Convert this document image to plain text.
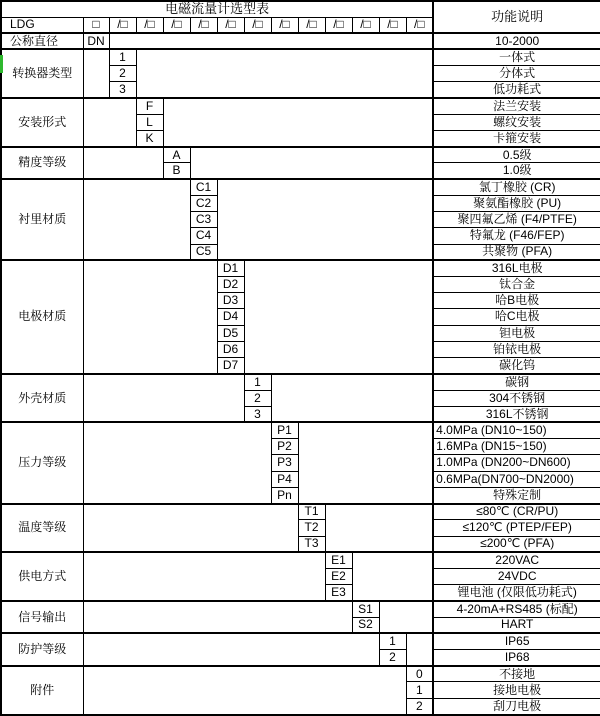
电磁流量计选型表														功能说明
LDG	□	/□	/□	/□	/□	/□	/□	/□	/□	/□	/□	/□	/□	
公称直径	DN													10-2000
转换器类型		1												一体式
		2												分体式
		3												低功耗式
安装形式			F											法兰安装
			L											螺纹安装
			K											卡箍安装
精度等级				A										0.5级
				B										1.0级
衬里材质					C1									氯丁橡胶 (CR)
					C2									聚氨酯橡胶 (PU)
					C3									聚四氟乙烯 (F4/PTFE)
					C4									特氟龙 (F46/FEP)
					C5									共聚物 (PFA)
电极材质						D1								316L电极
						D2								钛合金
						D3								哈B电极
						D4								哈C电极
						D5								钽电极
						D6								铂铱电极
						D7								碳化钨
外壳材质							1							碳钢
							2							304不锈钢
							3							316L不锈钢
压力等级								P1						4.0MPa (DN10~150)
								P2						1.6MPa (DN15~150)
								P3						1.0MPa (DN200~DN600)
								P4						0.6MPa(DN700~DN2000)
								Pn						特殊定制
温度等级									T1					≤80℃ (CR/PU)
									T2					≤120℃ (PTEP/FEP)
									T3					≤200℃ (PFA)
供电方式										E1				220VAC
										E2				24VDC
										E3				锂电池 (仅限低功耗式)
信号输出											S1			4-20mA+RS485 (标配)
											S2			HART
防护等级												1		IP65
												2		IP68
附件													0	不接地
													1	接地电极
													2	刮刀电极
